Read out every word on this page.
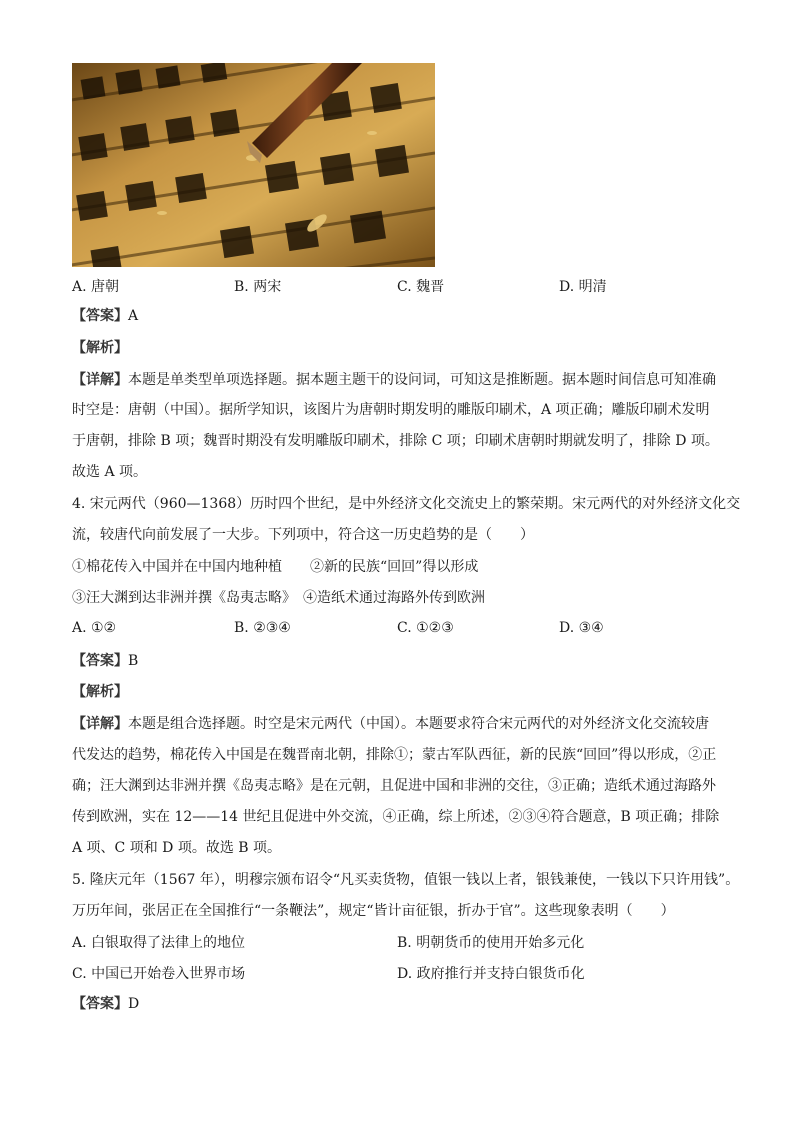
A. 唐朝	B. 两宋	C. 魏晋	D. 明清
【答案】A
【解析】
【详解】本题是单类型单项选择题。据本题主题干的设问词，可知这是推断题。据本题时间信息可知准确
时空是：唐朝（中国）。据所学知识，该图片为唐朝时期发明的雕版印刷术，A 项正确；雕版印刷术发明
于唐朝，排除 B 项；魏晋时期没有发明雕版印刷术，排除 C 项；印刷术唐朝时期就发明了，排除 D 项。
故选 A 项。
4. 宋元两代（960—1368）历时四个世纪，是中外经济文化交流史上的繁荣期。宋元两代的对外经济文化交
流，较唐代向前发展了一大步。下列项中，符合这一历史趋势的是（　　）
①棉花传入中国并在中国内地种植　　②新的民族“回回”得以形成
③汪大渊到达非洲并撰《岛夷志略》　④造纸术通过海路外传到欧洲
A. ①②	B. ②③④	C. ①②③	D. ③④
【答案】B
【解析】
【详解】本题是组合选择题。时空是宋元两代（中国）。本题要求符合宋元两代的对外经济文化交流较唐
代发达的趋势，棉花传入中国是在魏晋南北朝，排除①；蒙古军队西征，新的民族“回回”得以形成，②正
确；汪大渊到达非洲并撰《岛夷志略》是在元朝，且促进中国和非洲的交往，③正确；造纸术通过海路外
传到欧洲，实在 12——14 世纪且促进中外交流，④正确，综上所述，②③④符合题意，B 项正确；排除
A 项、C 项和 D 项。故选 B 项。
5. 隆庆元年（1567 年），明穆宗颁布诏令“凡买卖货物，值银一钱以上者，银钱兼使，一钱以下只许用钱”。
万历年间，张居正在全国推行“一条鞭法”，规定“皆计亩征银，折办于官”。这些现象表明（　　）
A. 白银取得了法律上的地位	B. 明朝货币的使用开始多元化
C. 中国已开始卷入世界市场	D. 政府推行并支持白银货币化
【答案】D
